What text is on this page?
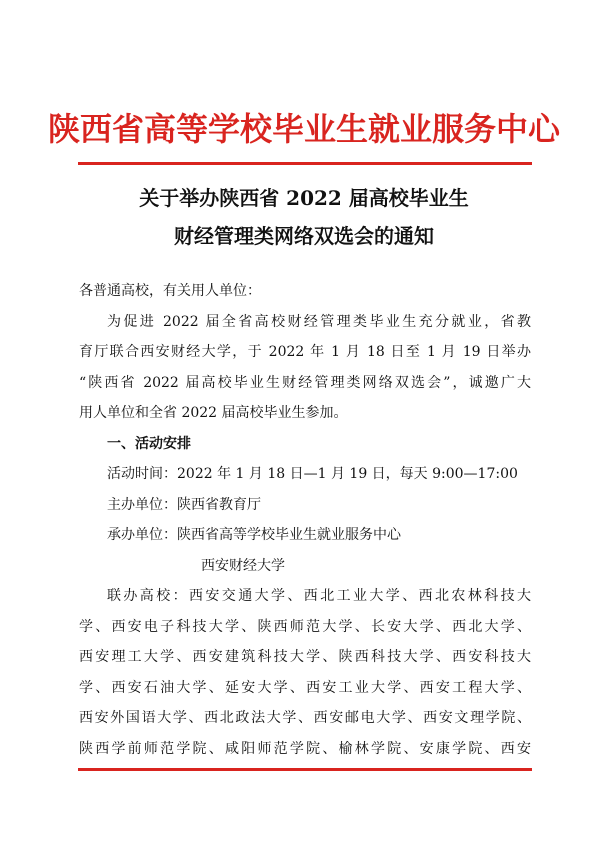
陕西省高等学校毕业生就业服务中心
关于举办陕西省 2022 届高校毕业生
财经管理类网络双选会的通知
各普通高校，有关用人单位：
为促进 2022 届全省高校财经管理类毕业生充分就业，省教
育厅联合西安财经大学，于 2022 年 1 月 18 日至 1 月 19 日举办
“陕西省 2022 届高校毕业生财经管理类网络双选会”，诚邀广大
用人单位和全省 2022 届高校毕业生参加。
一、活动安排
活动时间：2022 年 1 月 18 日—1 月 19 日，每天 9:00—17:00
主办单位：陕西省教育厅
承办单位：陕西省高等学校毕业生就业服务中心
西安财经大学
联办高校：西安交通大学、西北工业大学、西北农林科技大
学、西安电子科技大学、陕西师范大学、长安大学、西北大学、
西安理工大学、西安建筑科技大学、陕西科技大学、西安科技大
学、西安石油大学、延安大学、西安工业大学、西安工程大学、
西安外国语大学、西北政法大学、西安邮电大学、西安文理学院、
陕西学前师范学院、咸阳师范学院、榆林学院、安康学院、西安
